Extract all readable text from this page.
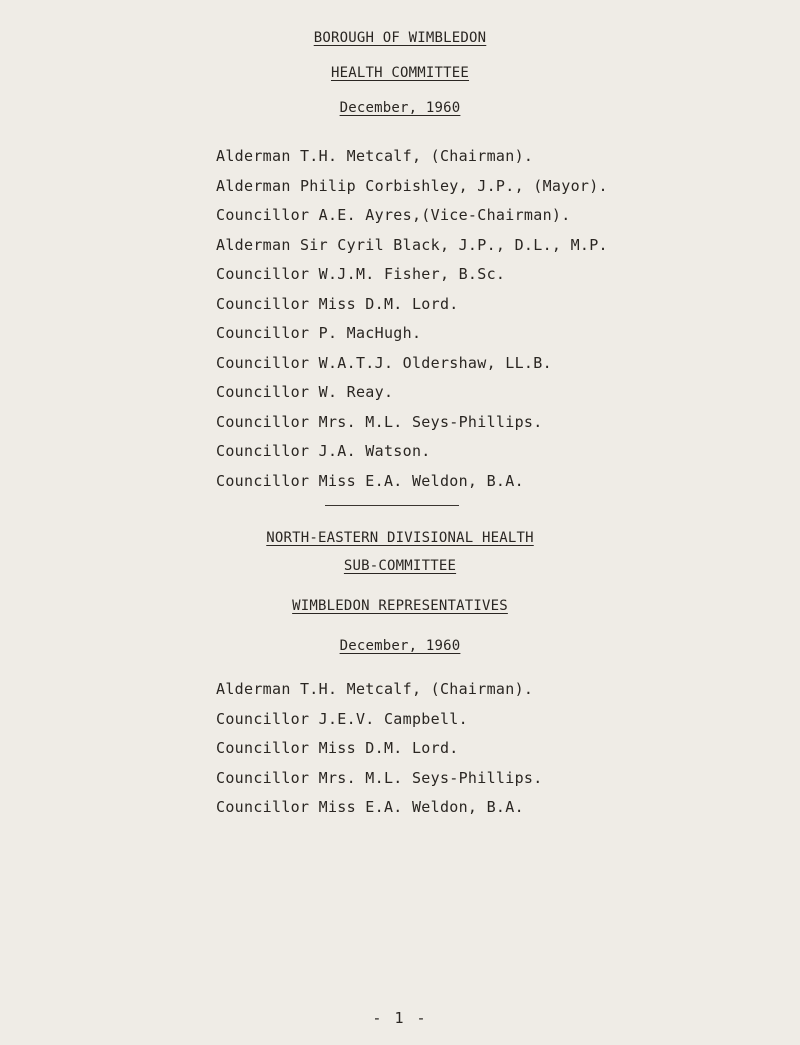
BOROUGH OF WIMBLEDON
HEALTH COMMITTEE
December, 1960
Alderman T.H. Metcalf, (Chairman).
Alderman Philip Corbishley, J.P., (Mayor).
Councillor A.E. Ayres,(Vice-Chairman).
Alderman Sir Cyril Black, J.P., D.L., M.P.
Councillor W.J.M. Fisher, B.Sc.
Councillor Miss D.M. Lord.
Councillor P. MacHugh.
Councillor W.A.T.J. Oldershaw, LL.B.
Councillor W. Reay.
Councillor Mrs. M.L. Seys-Phillips.
Councillor J.A. Watson.
Councillor Miss E.A. Weldon, B.A.
NORTH-EASTERN DIVISIONAL HEALTH
SUB-COMMITTEE
WIMBLEDON REPRESENTATIVES
December, 1960
Alderman T.H. Metcalf, (Chairman).
Councillor J.E.V. Campbell.
Councillor Miss D.M. Lord.
Councillor Mrs. M.L. Seys-Phillips.
Councillor Miss E.A. Weldon, B.A.
- 1 -
